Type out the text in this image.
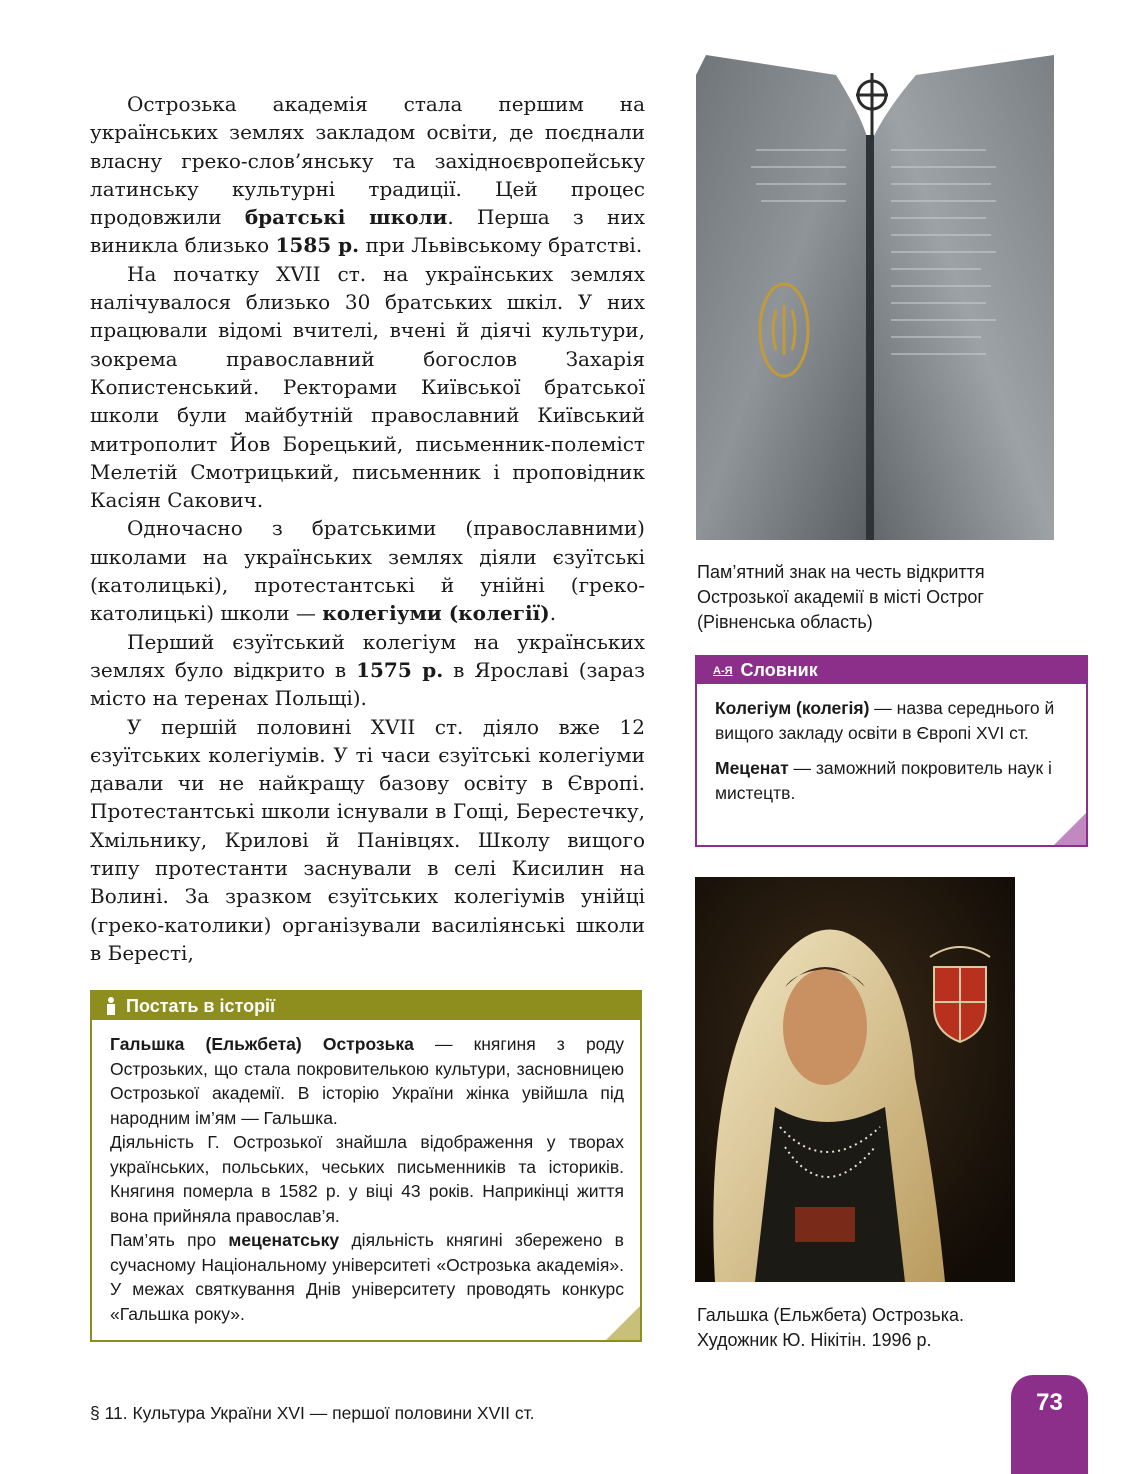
Острозька академія стала першим на українських землях закладом освіти, де поєднали власну греко-слов’янську та західноєвропейську латинську культурні традиції. Цей процес продовжили братські школи. Перша з них виникла близько 1585 р. при Львівському братстві.

На початку XVII ст. на українських землях налічувалося близько 30 братських шкіл. У них працювали відомі вчителі, вчені й діячі культури, зокрема православний богослов Захарія Копистенський. Ректорами Київської братської школи були майбутній православний Київський митрополит Йов Борецький, письменник-полеміст Мелетій Смотрицький, письменник і проповідник Касіян Сакович.

Одночасно з братськими (православними) школами на українських землях діяли єзуїтські (католицькі), протестантські й унійні (греко-католицькі) школи — колегіуми (колегії).

Перший єзуїтський колегіум на українських землях було відкрито в 1575 р. в Ярославі (зараз місто на теренах Польщі).

У першій половині XVII ст. діяло вже 12 єзуїтських колегіумів. У ті часи єзуїтські колегіуми давали чи не найкращу базову освіту в Європі. Протестантські школи існували в Гощі, Берестечку, Хмільнику, Крилові й Панівцях. Школу вищого типу протестанти заснували в селі Кисилин на Волині. За зразком єзуїтських колегіумів унійці (греко-католики) організували василіянські школи в Бересті,

Пам’ятний знак на честь відкриття Острозької академії в місті Острог (Рівненська область)
А-Я Словник

Колегіум (колегія) — назва середнього й вищого закладу освіти в Європі XVI ст.

Меценат — заможний покровитель наук і мистецтв.

Гальшка (Ельжбета) Острозька. Художник Ю. Нікітін. 1996 р.
Постать в історії

Гальшка (Ельжбета) Острозька — княгиня з роду Острозьких, що стала покровителькою культури, засновницею Острозької академії. В історію України жінка увійшла під народним ім’ям — Гальшка.

Діяльність Г. Острозької знайшла відображення у творах українських, польських, чеських письменників та істориків. Княгиня померла в 1582 р. у віці 43 років. Наприкінці життя вона прийняла православ’я.

Пам’ять про меценатську діяльність княгині збережено в сучасному Національному університеті «Острозька академія». У межах святкування Днів університету проводять конкурс «Гальшка року».

§ 11. Культура України XVI — першої половини XVII ст.	73
